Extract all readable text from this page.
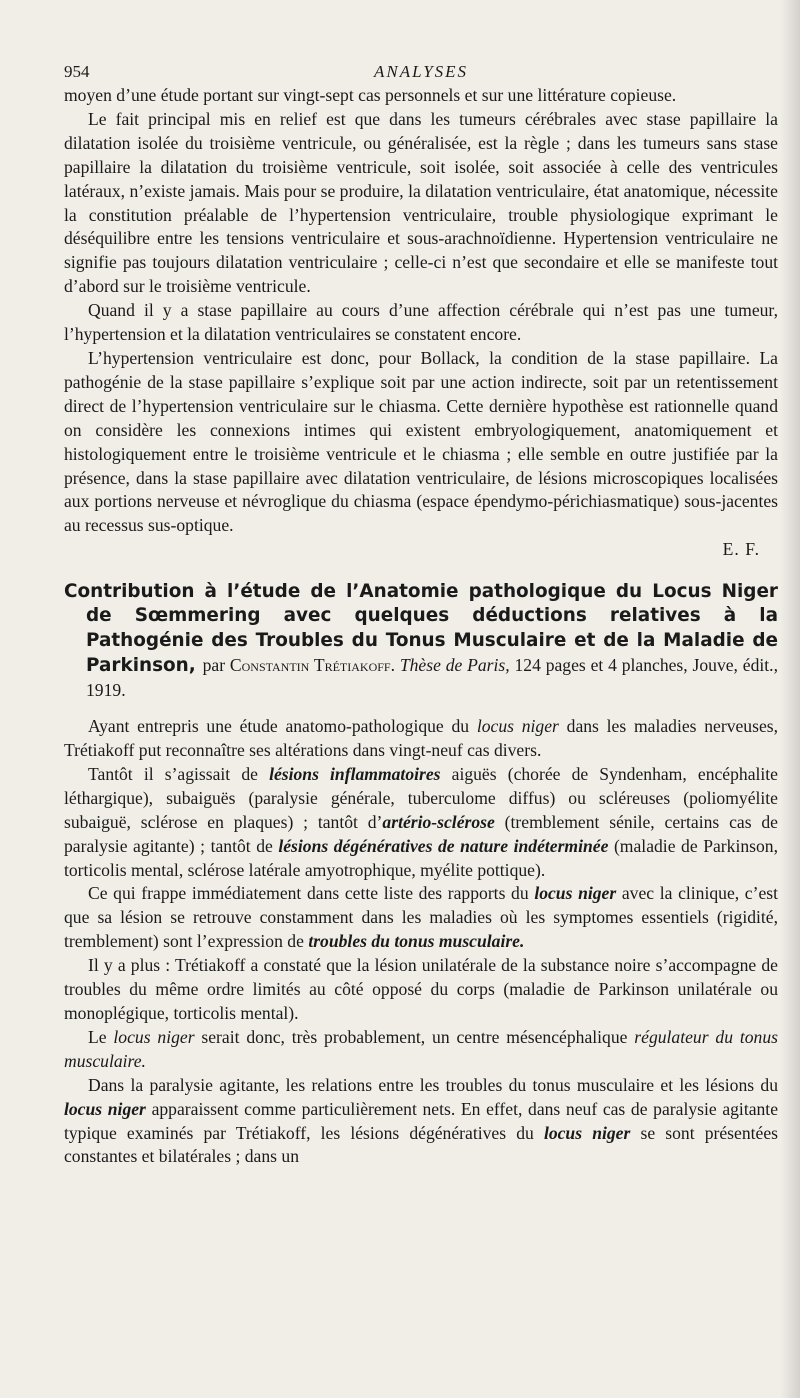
954	ANALYSES

moyen d’une étude portant sur vingt-sept cas personnels et sur une littérature copieuse.

Le fait principal mis en relief est que dans les tumeurs cérébrales avec stase papillaire la dilatation isolée du troisième ventricule, ou généralisée, est la règle ; dans les tumeurs sans stase papillaire la dilatation du troisième ventricule, soit isolée, soit associée à celle des ventricules latéraux, n’existe jamais. Mais pour se produire, la dilatation ventriculaire, état anatomique, nécessite la constitution préalable de l’hypertension ventriculaire, trouble physiologique exprimant le déséquilibre entre les tensions ventriculaire et sous-arachnoïdienne. Hypertension ventriculaire ne signifie pas toujours dilatation ventriculaire ; celle-ci n’est que secondaire et elle se manifeste tout d’abord sur le troisième ventricule.

Quand il y a stase papillaire au cours d’une affection cérébrale qui n’est pas une tumeur, l’hypertension et la dilatation ventriculaires se constatent encore.

L’hypertension ventriculaire est donc, pour Bollack, la condition de la stase papillaire. La pathogénie de la stase papillaire s’explique soit par une action indirecte, soit par un retentissement direct de l’hypertension ventriculaire sur le chiasma. Cette dernière hypothèse est rationnelle quand on considère les connexions intimes qui existent embryologiquement, anatomiquement et histologiquement entre le troisième ventricule et le chiasma ; elle semble en outre justifiée par la présence, dans la stase papillaire avec dilatation ventriculaire, de lésions microscopiques localisées aux portions nerveuse et névroglique du chiasma (espace épendymo-périchiasmatique) sous-jacentes au recessus sus-optique.

E. F.
Contribution à l’étude de l’Anatomie pathologique du Locus Niger de Sœmmering avec quelques déductions relatives à la Pathogénie des Troubles du Tonus Musculaire et de la Maladie de Parkinson, par Constantin Trétiakoff. Thèse de Paris, 124 pages et 4 planches, Jouve, édit., 1919.

Ayant entrepris une étude anatomo-pathologique du locus niger dans les maladies nerveuses, Trétiakoff put reconnaître ses altérations dans vingt-neuf cas divers.

Tantôt il s’agissait de lésions inflammatoires aiguës (chorée de Syndenham, encéphalite léthargique), subaiguës (paralysie générale, tuberculome diffus) ou scléreuses (poliomyélite subaiguë, sclérose en plaques) ; tantôt d’artério-sclérose (tremblement sénile, certains cas de paralysie agitante) ; tantôt de lésions dégénératives de nature indéterminée (maladie de Parkinson, torticolis mental, sclérose latérale amyotrophique, myélite pottique).

Ce qui frappe immédiatement dans cette liste des rapports du locus niger avec la clinique, c’est que sa lésion se retrouve constamment dans les maladies où les symptomes essentiels (rigidité, tremblement) sont l’expression de troubles du tonus musculaire.

Il y a plus : Trétiakoff a constaté que la lésion unilatérale de la substance noire s’accompagne de troubles du même ordre limités au côté opposé du corps (maladie de Parkinson unilatérale ou monoplégique, torticolis mental).

Le locus niger serait donc, très probablement, un centre mésencéphalique régulateur du tonus musculaire.

Dans la paralysie agitante, les relations entre les troubles du tonus musculaire et les lésions du locus niger apparaissent comme particulièrement nets. En effet, dans neuf cas de paralysie agitante typique examinés par Trétiakoff, les lésions dégénératives du locus niger se sont présentées constantes et bilatérales ; dans un
